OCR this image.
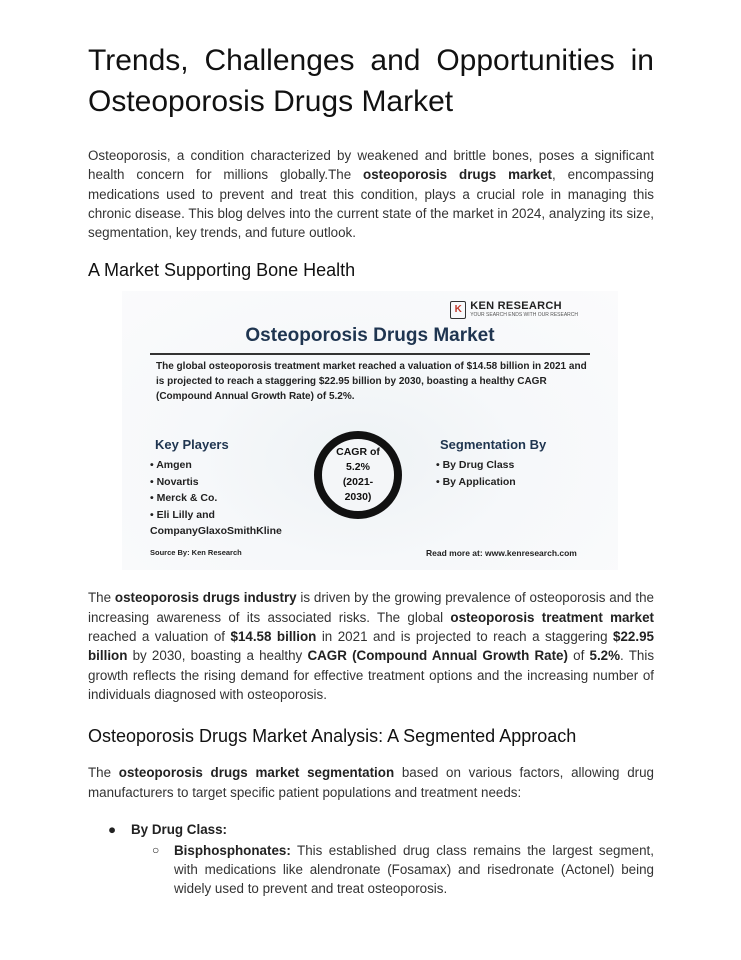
Trends, Challenges and Opportunities in Osteoporosis Drugs Market

Osteoporosis, a condition characterized by weakened and brittle bones, poses a significant health concern for millions globally.The osteoporosis drugs market, encompassing medications used to prevent and treat this condition, plays a crucial role in managing this chronic disease. This blog delves into the current state of the market in 2024, analyzing its size, segmentation, key trends, and future outlook.

A Market Supporting Bone Health
K KEN RESEARCH
YOUR SEARCH ENDS WITH OUR RESEARCH
Osteoporosis Drugs Market
The global osteoporosis treatment market reached a valuation of $14.58 billion in 2021 and is projected to reach a staggering $22.95 billion by 2030, boasting a healthy CAGR (Compound Annual Growth Rate) of 5.2%.
Key Players
• Amgen
• Novartis
• Merck & Co.
• Eli Lilly and CompanyGlaxoSmithKline
CAGR of
5.2%
(2021-
2030)
Segmentation By
• By Drug Class
• By Application
Source By: Ken Research	Read more at: www.kenresearch.com

The osteoporosis drugs industry is driven by the growing prevalence of osteoporosis and the increasing awareness of its associated risks. The global osteoporosis treatment market reached a valuation of $14.58 billion in 2021 and is projected to reach a staggering $22.95 billion by 2030, boasting a healthy CAGR (Compound Annual Growth Rate) of 5.2%. This growth reflects the rising demand for effective treatment options and the increasing number of individuals diagnosed with osteoporosis.

Osteoporosis Drugs Market Analysis: A Segmented Approach

The osteoporosis drugs market segmentation based on various factors, allowing drug manufacturers to target specific patient populations and treatment needs:

● By Drug Class:
○ Bisphosphonates: This established drug class remains the largest segment, with medications like alendronate (Fosamax) and risedronate (Actonel) being widely used to prevent and treat osteoporosis.
